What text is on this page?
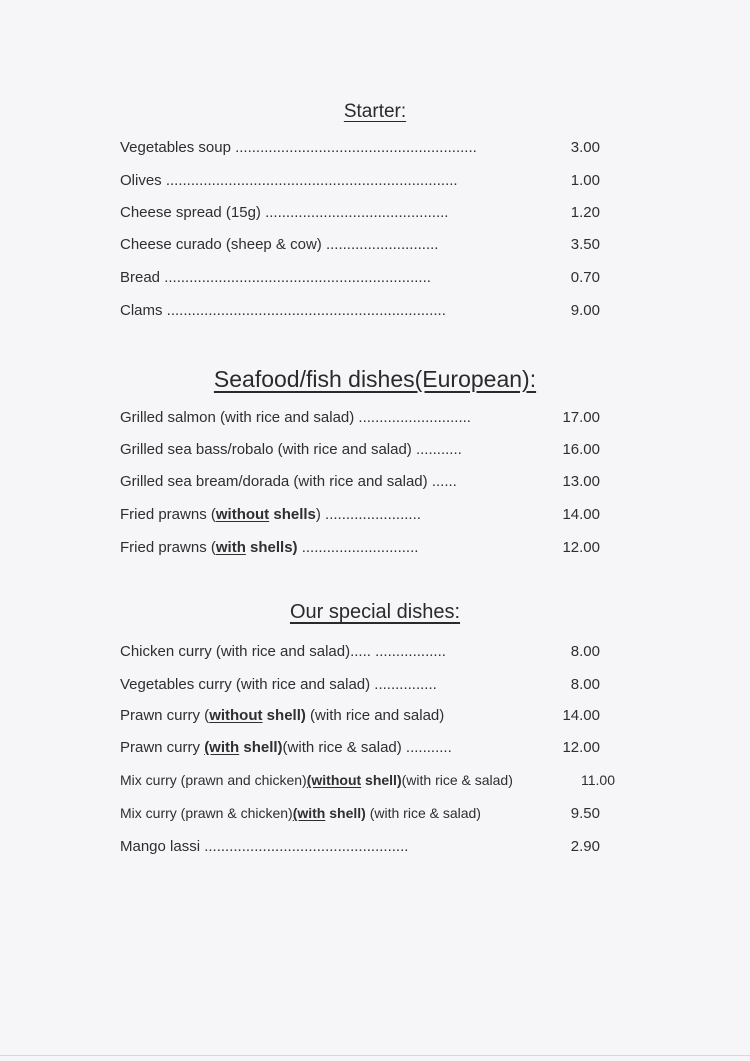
Starter:
Vegetables soup ..........................................................	3.00
Olives ......................................................................	1.00
Cheese spread (15g) ............................................	1.20
Cheese curado (sheep & cow) ...........................	3.50
Bread ................................................................	0.70
Clams ...................................................................	9.00
Seafood/fish dishes(European):
Grilled salmon (with rice and salad) ...........................	17.00
Grilled sea bass/robalo (with rice and salad) ...........	16.00
Grilled sea bream/dorada (with rice and salad) ......	13.00
Fried prawns (without shells) .......................	14.00
Fried prawns (with shells) ............................	12.00
Our special dishes:
Chicken curry (with rice and salad)..... .................	8.00
Vegetables curry (with rice and salad) ...............	8.00
Prawn curry (without shell) (with rice and salad)	14.00
Prawn curry (with shell)(with rice & salad) ...........	12.00
Mix curry (prawn and chicken)(without shell)(with rice & salad)	11.00
Mix curry (prawn & chicken)(with shell) (with rice & salad)	9.50
Mango lassi .................................................	2.90
